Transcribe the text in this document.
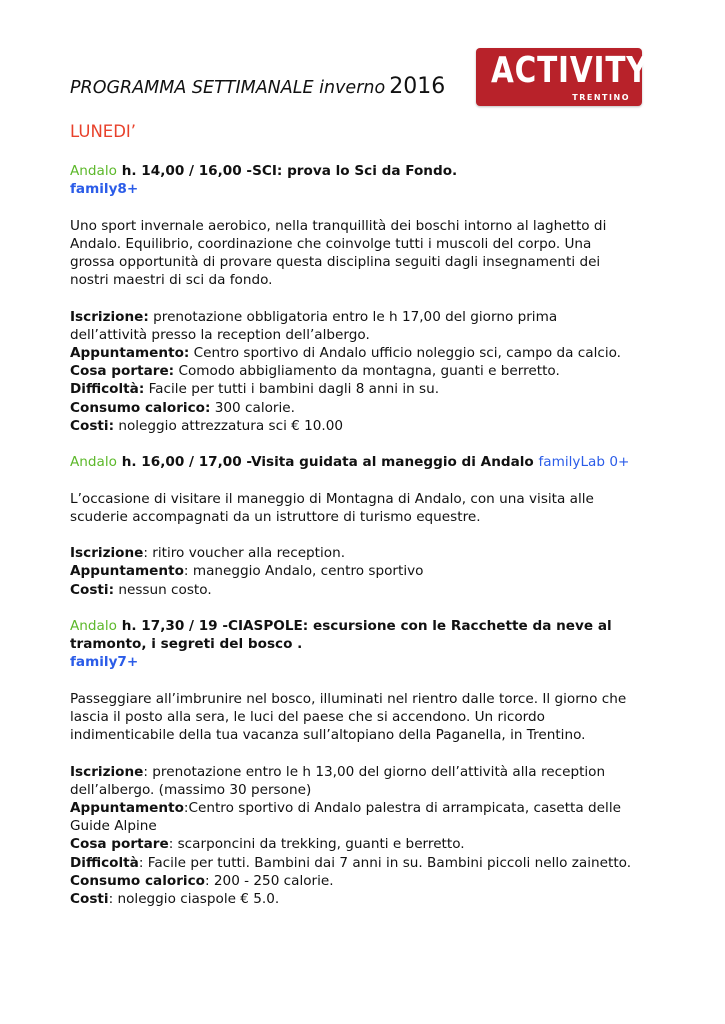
ACTIVITY
TRENTINO
PROGRAMMA SETTIMANALE inverno 2016
LUNEDI’

Andalo h. 14,00 / 16,00 -SCI: prova lo Sci da Fondo.

family8+

Uno sport invernale aerobico, nella tranquillità dei boschi intorno al laghetto di

Andalo. Equilibrio, coordinazione che coinvolge tutti i muscoli del corpo. Una

grossa opportunità di provare questa disciplina seguiti dagli insegnamenti dei

nostri maestri di sci da fondo.

Iscrizione: prenotazione obbligatoria entro le h 17,00 del giorno prima

dell’attività presso la reception dell’albergo.

Appuntamento: Centro sportivo di Andalo ufficio noleggio sci, campo da calcio.

Cosa portare: Comodo abbigliamento da montagna, guanti e berretto.

Difficoltà: Facile per tutti i bambini dagli 8 anni in su.

Consumo calorico: 300 calorie.

Costi: noleggio attrezzatura sci € 10.00

Andalo h. 16,00 / 17,00 -Visita guidata al maneggio di Andalo familyLab 0+

L’occasione di visitare il maneggio di Montagna di Andalo, con una visita alle

scuderie accompagnati da un istruttore di turismo equestre.

Iscrizione: ritiro voucher alla reception.

Appuntamento: maneggio Andalo, centro sportivo

Costi: nessun costo.

Andalo h. 17,30 / 19 -CIASPOLE: escursione con le Racchette da neve al

tramonto, i segreti del bosco .

family7+

Passeggiare all’imbrunire nel bosco, illuminati nel rientro dalle torce. Il giorno che

lascia il posto alla sera, le luci del paese che si accendono. Un ricordo

indimenticabile della tua vacanza sull’altopiano della Paganella, in Trentino.

Iscrizione: prenotazione entro le h 13,00 del giorno dell’attività alla reception

dell’albergo. (massimo 30 persone)

Appuntamento:Centro sportivo di Andalo palestra di arrampicata, casetta delle

Guide Alpine

Cosa portare: scarponcini da trekking, guanti e berretto.

Difficoltà: Facile per tutti. Bambini dai 7 anni in su. Bambini piccoli nello zainetto.

Consumo calorico: 200 - 250 calorie.

Costi: noleggio ciaspole € 5.0.
